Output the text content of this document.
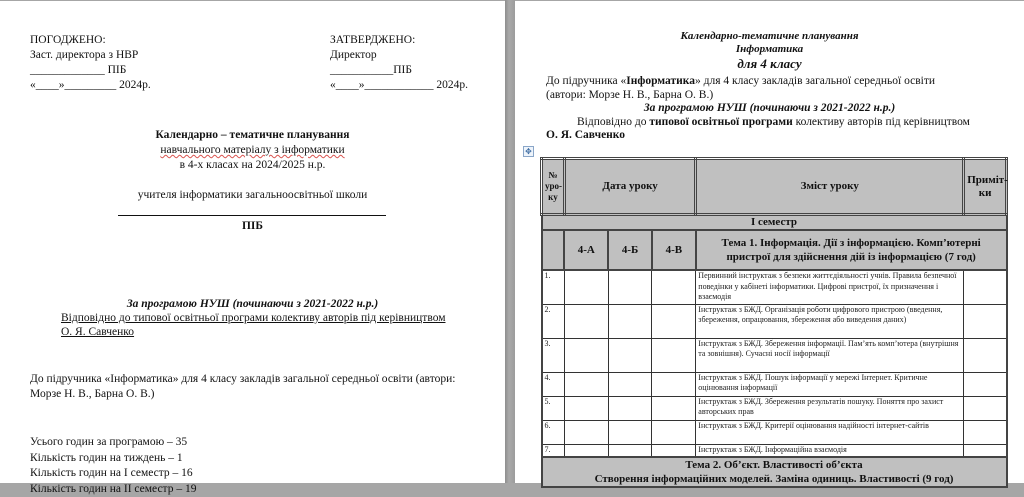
ПОГОДЖЕНО:
Заст. директора з НВР
_____________ ПІБ
«____»_________ 2024р.
ЗАТВЕРДЖЕНО:
Директор
___________ПІБ
«____»____________ 2024р.
Календарно – тематичне планування
навчального матеріалу з інформатики
в 4-х класах на 2024/2025 н.р.
учителя інформатики загальноосвітньої школи
ПІБ
За програмою НУШ (починаючи з 2021-2022 н.р.)
Відповідно до типової освітньої програми колективу авторів під керівництвом
О. Я. Савченко
До підручника «Інформатика» для 4 класу закладів загальної середньої освіти (автори:
Морзе Н. В., Барна О. В.)
Усього годин за програмою – 35
Кількість годин на тиждень – 1
Кількість годин на І семестр – 16
Кількість годин на ІІ семестр – 19
Календарно-тематичне планування
Інформатика
для 4 класу
До підручника «Інформатика» для 4 класу закладів загальної середньої освіти
(автори: Морзе Н. В., Барна О. В.)
За програмою НУШ (починаючи з 2021-2022 н.р.)
Відповідно до типової освітньої програми колективу авторів під керівництвом
О. Я. Савченко
✥
№ уро-ку	Дата уроку			Зміст уроку	Приміт-ки
І семестр					
	4-А	4-Б	4-В	Тема 1. Інформація. Дії з інформацією. Комп’ютерні пристрої для здійснення дій із інформацією (7 год)	
1.				Первинний інструктаж з безпеки життєдіяльності учнів. Правила безпечної поведінки у кабінеті інформатики. Цифрові пристрої, їх призначення і взаємодія	
2.				Інструктаж з БЖД. Організація роботи цифрового пристрою (введення, збереження, опрацювання, збереження або виведення даних)	
3.				Інструктаж з БЖД. Збереження інформації. Пам’ять комп’ютера (внутрішня та зовнішня). Сучасні носії інформації	
4.				Інструктаж з БЖД. Пошук інформації у мережі Інтернет. Критичне оцінювання інформації	
5.				Інструктаж з БЖД. Збереження результатів пошуку. Поняття про захист авторських прав	
6.				Інструктаж з БЖД. Критерії оцінювання надійності інтернет-сайтів	
7.				Інструктаж з БЖД. Інформаційна взаємодія	

Тема 2. Об’єкт. Властивості об’єкта
Створення інформаційних моделей. Заміна одиниць. Властивості (9 год)					
